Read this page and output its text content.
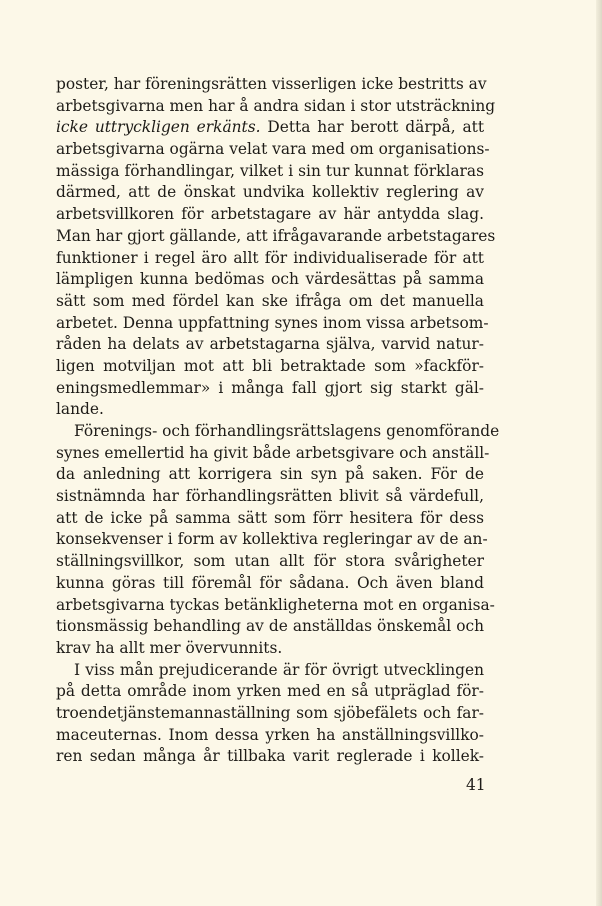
poster, har föreningsrätten visserligen icke bestritts av
arbetsgivarna men har å andra sidan i stor utsträckning
icke uttryckligen erkänts. Detta har berott därpå, att
arbetsgivarna ogärna velat vara med om organisations-
mässiga förhandlingar, vilket i sin tur kunnat förklaras
därmed, att de önskat undvika kollektiv reglering av
arbetsvillkoren för arbetstagare av här antydda slag.
Man har gjort gällande, att ifrågavarande arbetstagares
funktioner i regel äro allt för individualiserade för att
lämpligen kunna bedömas och värdesättas på samma
sätt som med fördel kan ske ifråga om det manuella
arbetet. Denna uppfattning synes inom vissa arbetsom-
råden ha delats av arbetstagarna själva, varvid natur-
ligen motviljan mot att bli betraktade som »fackför-
eningsmedlemmar» i många fall gjort sig starkt gäl-
lande.
Förenings- och förhandlingsrättslagens genomförande
synes emellertid ha givit både arbetsgivare och anställ-
da anledning att korrigera sin syn på saken. För de
sistnämnda har förhandlingsrätten blivit så värdefull,
att de icke på samma sätt som förr hesitera för dess
konsekvenser i form av kollektiva regleringar av de an-
ställningsvillkor, som utan allt för stora svårigheter
kunna göras till föremål för sådana. Och även bland
arbetsgivarna tyckas betänkligheterna mot en organisa-
tionsmässig behandling av de anställdas önskemål och
krav ha allt mer övervunnits.
I viss mån prejudicerande är för övrigt utvecklingen
på detta område inom yrken med en så utpräglad för-
troendetjänstemannaställning som sjöbefälets och far-
maceuternas. Inom dessa yrken ha anställningsvillko-
ren sedan många år tillbaka varit reglerade i kollek-
41
